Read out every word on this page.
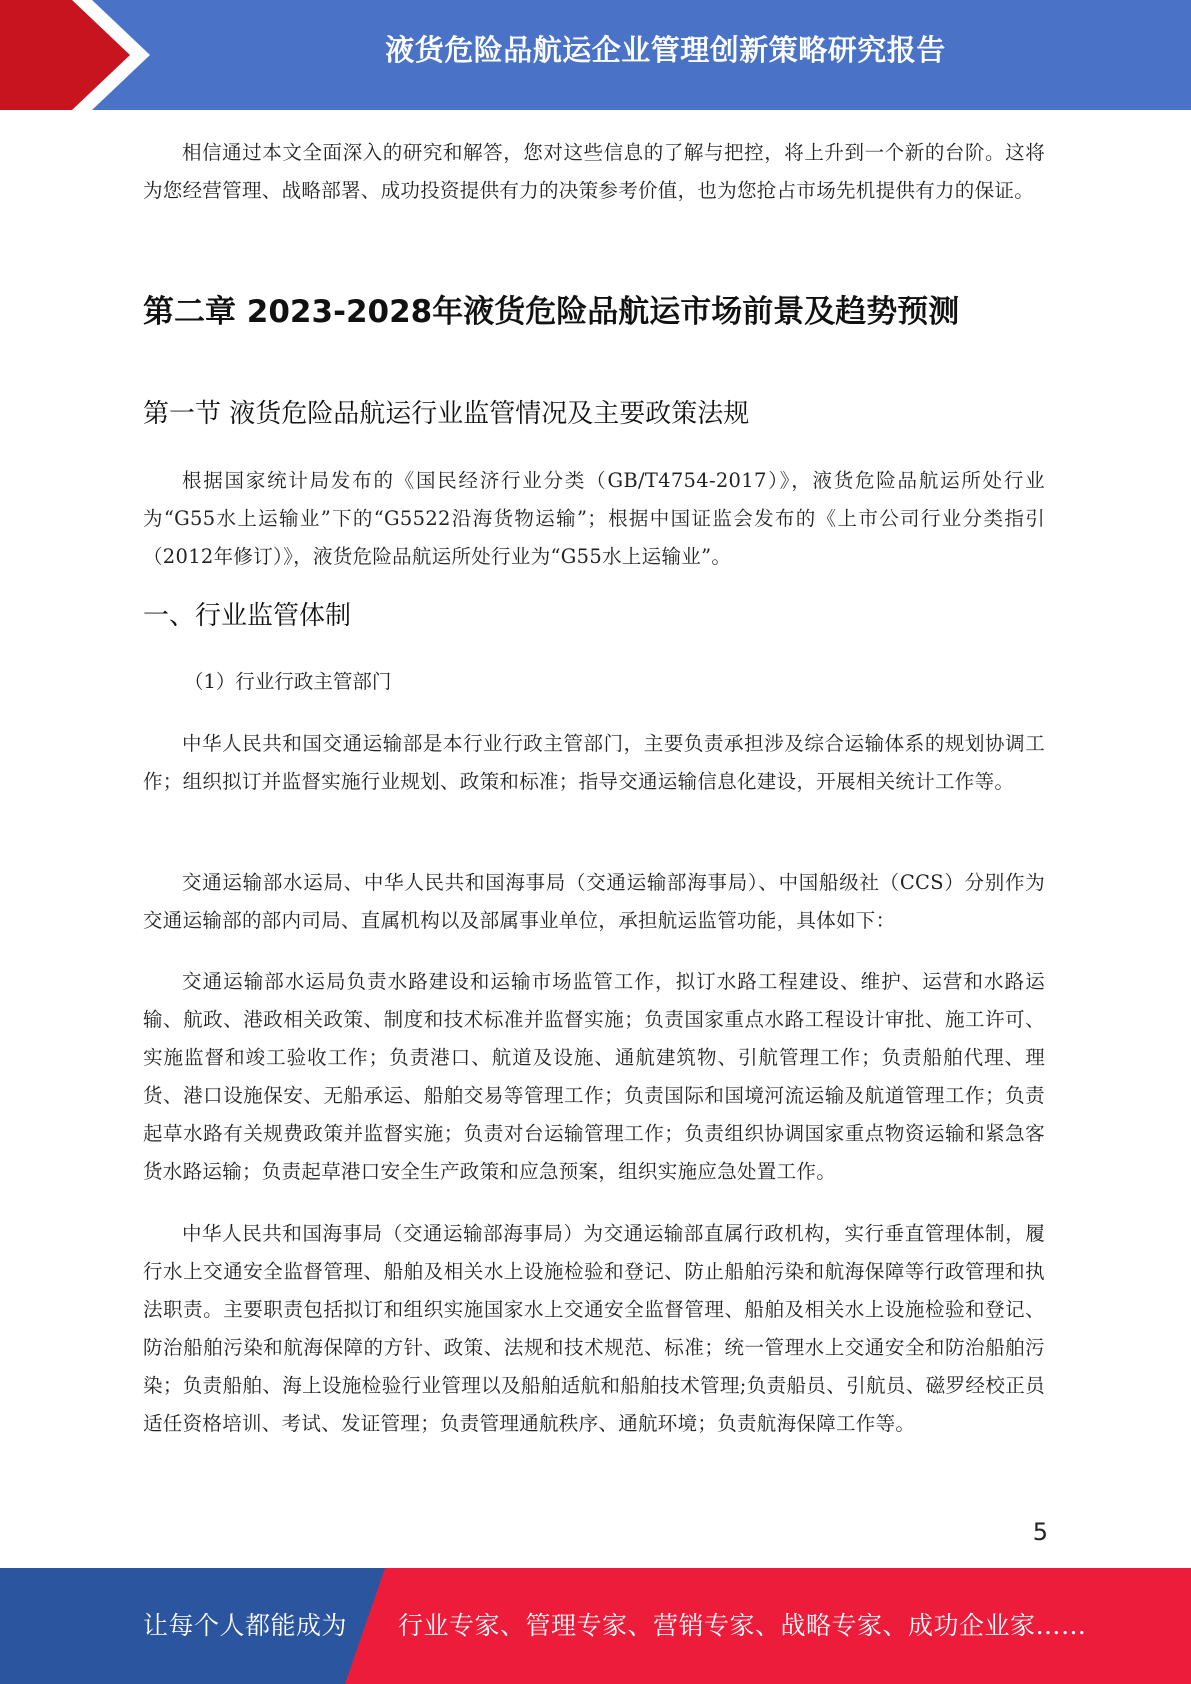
液货危险品航运企业管理创新策略研究报告

相信通过本文全面深入的研究和解答，您对这些信息的了解与把控，将上升到一个新的台阶。这将为您经营管理、战略部署、成功投资提供有力的决策参考价值，也为您抢占市场先机提供有力的保证。

第二章 2023-2028年液货危险品航运市场前景及趋势预测
第一节 液货危险品航运行业监管情况及主要政策法规

根据国家统计局发布的《国民经济行业分类（GB/T4754-2017）》，液货危险品航运所处行业为“G55水上运输业”下的“G5522沿海货物运输”；根据中国证监会发布的《上市公司行业分类指引（2012年修订）》，液货危险品航运所处行业为“G55水上运输业”。

一、行业监管体制

（1）行业行政主管部门

中华人民共和国交通运输部是本行业行政主管部门，主要负责承担涉及综合运输体系的规划协调工作；组织拟订并监督实施行业规划、政策和标准；指导交通运输信息化建设，开展相关统计工作等。

交通运输部水运局、中华人民共和国海事局（交通运输部海事局）、中国船级社（CCS）分别作为交通运输部的部内司局、直属机构以及部属事业单位，承担航运监管功能，具体如下：

交通运输部水运局负责水路建设和运输市场监管工作，拟订水路工程建设、维护、运营和水路运输、航政、港政相关政策、制度和技术标准并监督实施；负责国家重点水路工程设计审批、施工许可、实施监督和竣工验收工作；负责港口、航道及设施、通航建筑物、引航管理工作；负责船舶代理、理货、港口设施保安、无船承运、船舶交易等管理工作；负责国际和国境河流运输及航道管理工作；负责起草水路有关规费政策并监督实施；负责对台运输管理工作；负责组织协调国家重点物资运输和紧急客货水路运输；负责起草港口安全生产政策和应急预案，组织实施应急处置工作。

中华人民共和国海事局（交通运输部海事局）为交通运输部直属行政机构，实行垂直管理体制，履行水上交通安全监督管理、船舶及相关水上设施检验和登记、防止船舶污染和航海保障等行政管理和执法职责。主要职责包括拟订和组织实施国家水上交通安全监督管理、船舶及相关水上设施检验和登记、防治船舶污染和航海保障的方针、政策、法规和技术规范、标准；统一管理水上交通安全和防治船舶污染；负责船舶、海上设施检验行业管理以及船舶适航和船舶技术管理;负责船员、引航员、磁罗经校正员适任资格培训、考试、发证管理；负责管理通航秩序、通航环境；负责航海保障工作等。

5
让每个人都能成为 行业专家、管理专家、营销专家、战略专家、成功企业家……
